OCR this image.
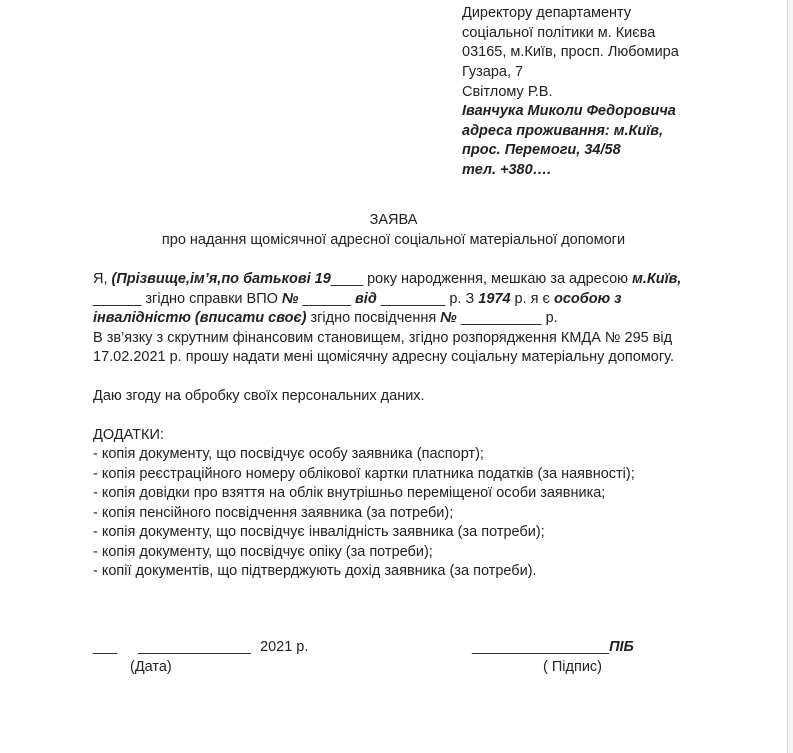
Директору департаменту
соціальної політики м. Києва
03165, м.Київ, просп. Любомира
Гузара, 7
Світлому Р.В.
Іванчука Миколи Федоровича
адреса проживання: м.Київ,
прос. Перемоги, 34/58
тел. +380….
ЗАЯВА
про надання щомісячної адресної соціальної матеріальної допомоги
Я, (Прізвище,ім’я,по батькові 19____ року народження, мешкаю за адресою м.Київ,
______ згідно справки ВПО № ______ від ________ р. З 1974 р. я є особою з
інвалідністю (вписати своє) згідно посвідчення № __________ р.
В зв’язку з скрутним фінансовим становищем, згідно розпорядження КМДА № 295 від
17.02.2021 р. прошу надати мені щомісячну адресну соціальну матеріальну допомогу.
Даю згоду на обробку своїх персональних даних.
ДОДАТКИ:
- копія документу, що посвідчує особу заявника (паспорт);
- копія реєстраційного номеру облікової картки платника податків (за наявності);
- копія довідки про взяття на облік внутрішньо переміщеної особи заявника;
- копія пенсійного посвідчення заявника (за потреби);
- копія документу, що посвідчує інвалідність заявника (за потреби);
- копія документу, що посвідчує опіку (за потреби);
- копії документів, що підтверджують дохід заявника (за потреби).
___ ______________ 2021 р.
(Дата)
_________________ПІБ
( Підпис)
